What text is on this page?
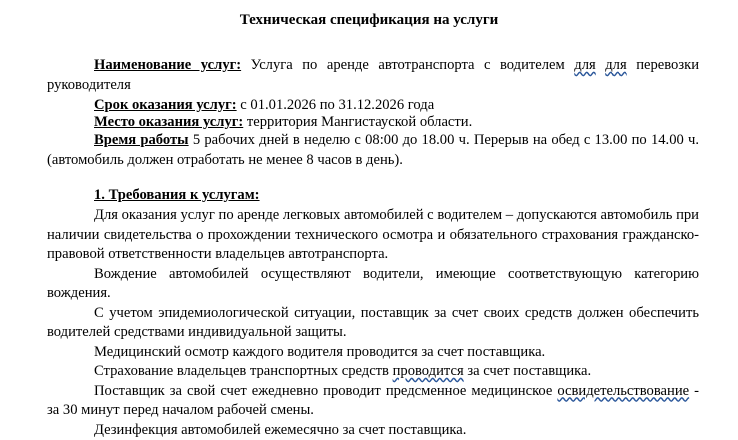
Техническая спецификация на услуги

Наименование услуг: Услуга по аренде автотранспорта с водителем для для перевозки руководителя

Срок оказания услуг: с 01.01.2026 по 31.12.2026 года

Место оказания услуг: территория Мангистауской области.

Время работы 5 рабочих дней в неделю с 08:00 до 18.00 ч. Перерыв на обед с 13.00 по 14.00 ч. (автомобиль должен отработать не менее 8 часов в день).

1. Требования к услугам:

Для оказания услуг по аренде легковых автомобилей с водителем – допускаются автомобиль при наличии свидетельства о прохождении технического осмотра и обязательного страхования гражданско-правовой ответственности владельцев автотранспорта.

Вождение автомобилей осуществляют водители, имеющие соответствующую категорию вождения.

С учетом эпидемиологической ситуации, поставщик за счет своих средств должен обеспечить водителей средствами индивидуальной защиты.

Медицинский осмотр каждого водителя проводится за счет поставщика.

Страхование владельцев транспортных средств проводится за счет поставщика.

Поставщик за свой счет ежедневно проводит предсменное медицинское освидетельствование - за 30 минут перед началом рабочей смены.

Дезинфекция автомобилей ежемесячно за счет поставщика.
